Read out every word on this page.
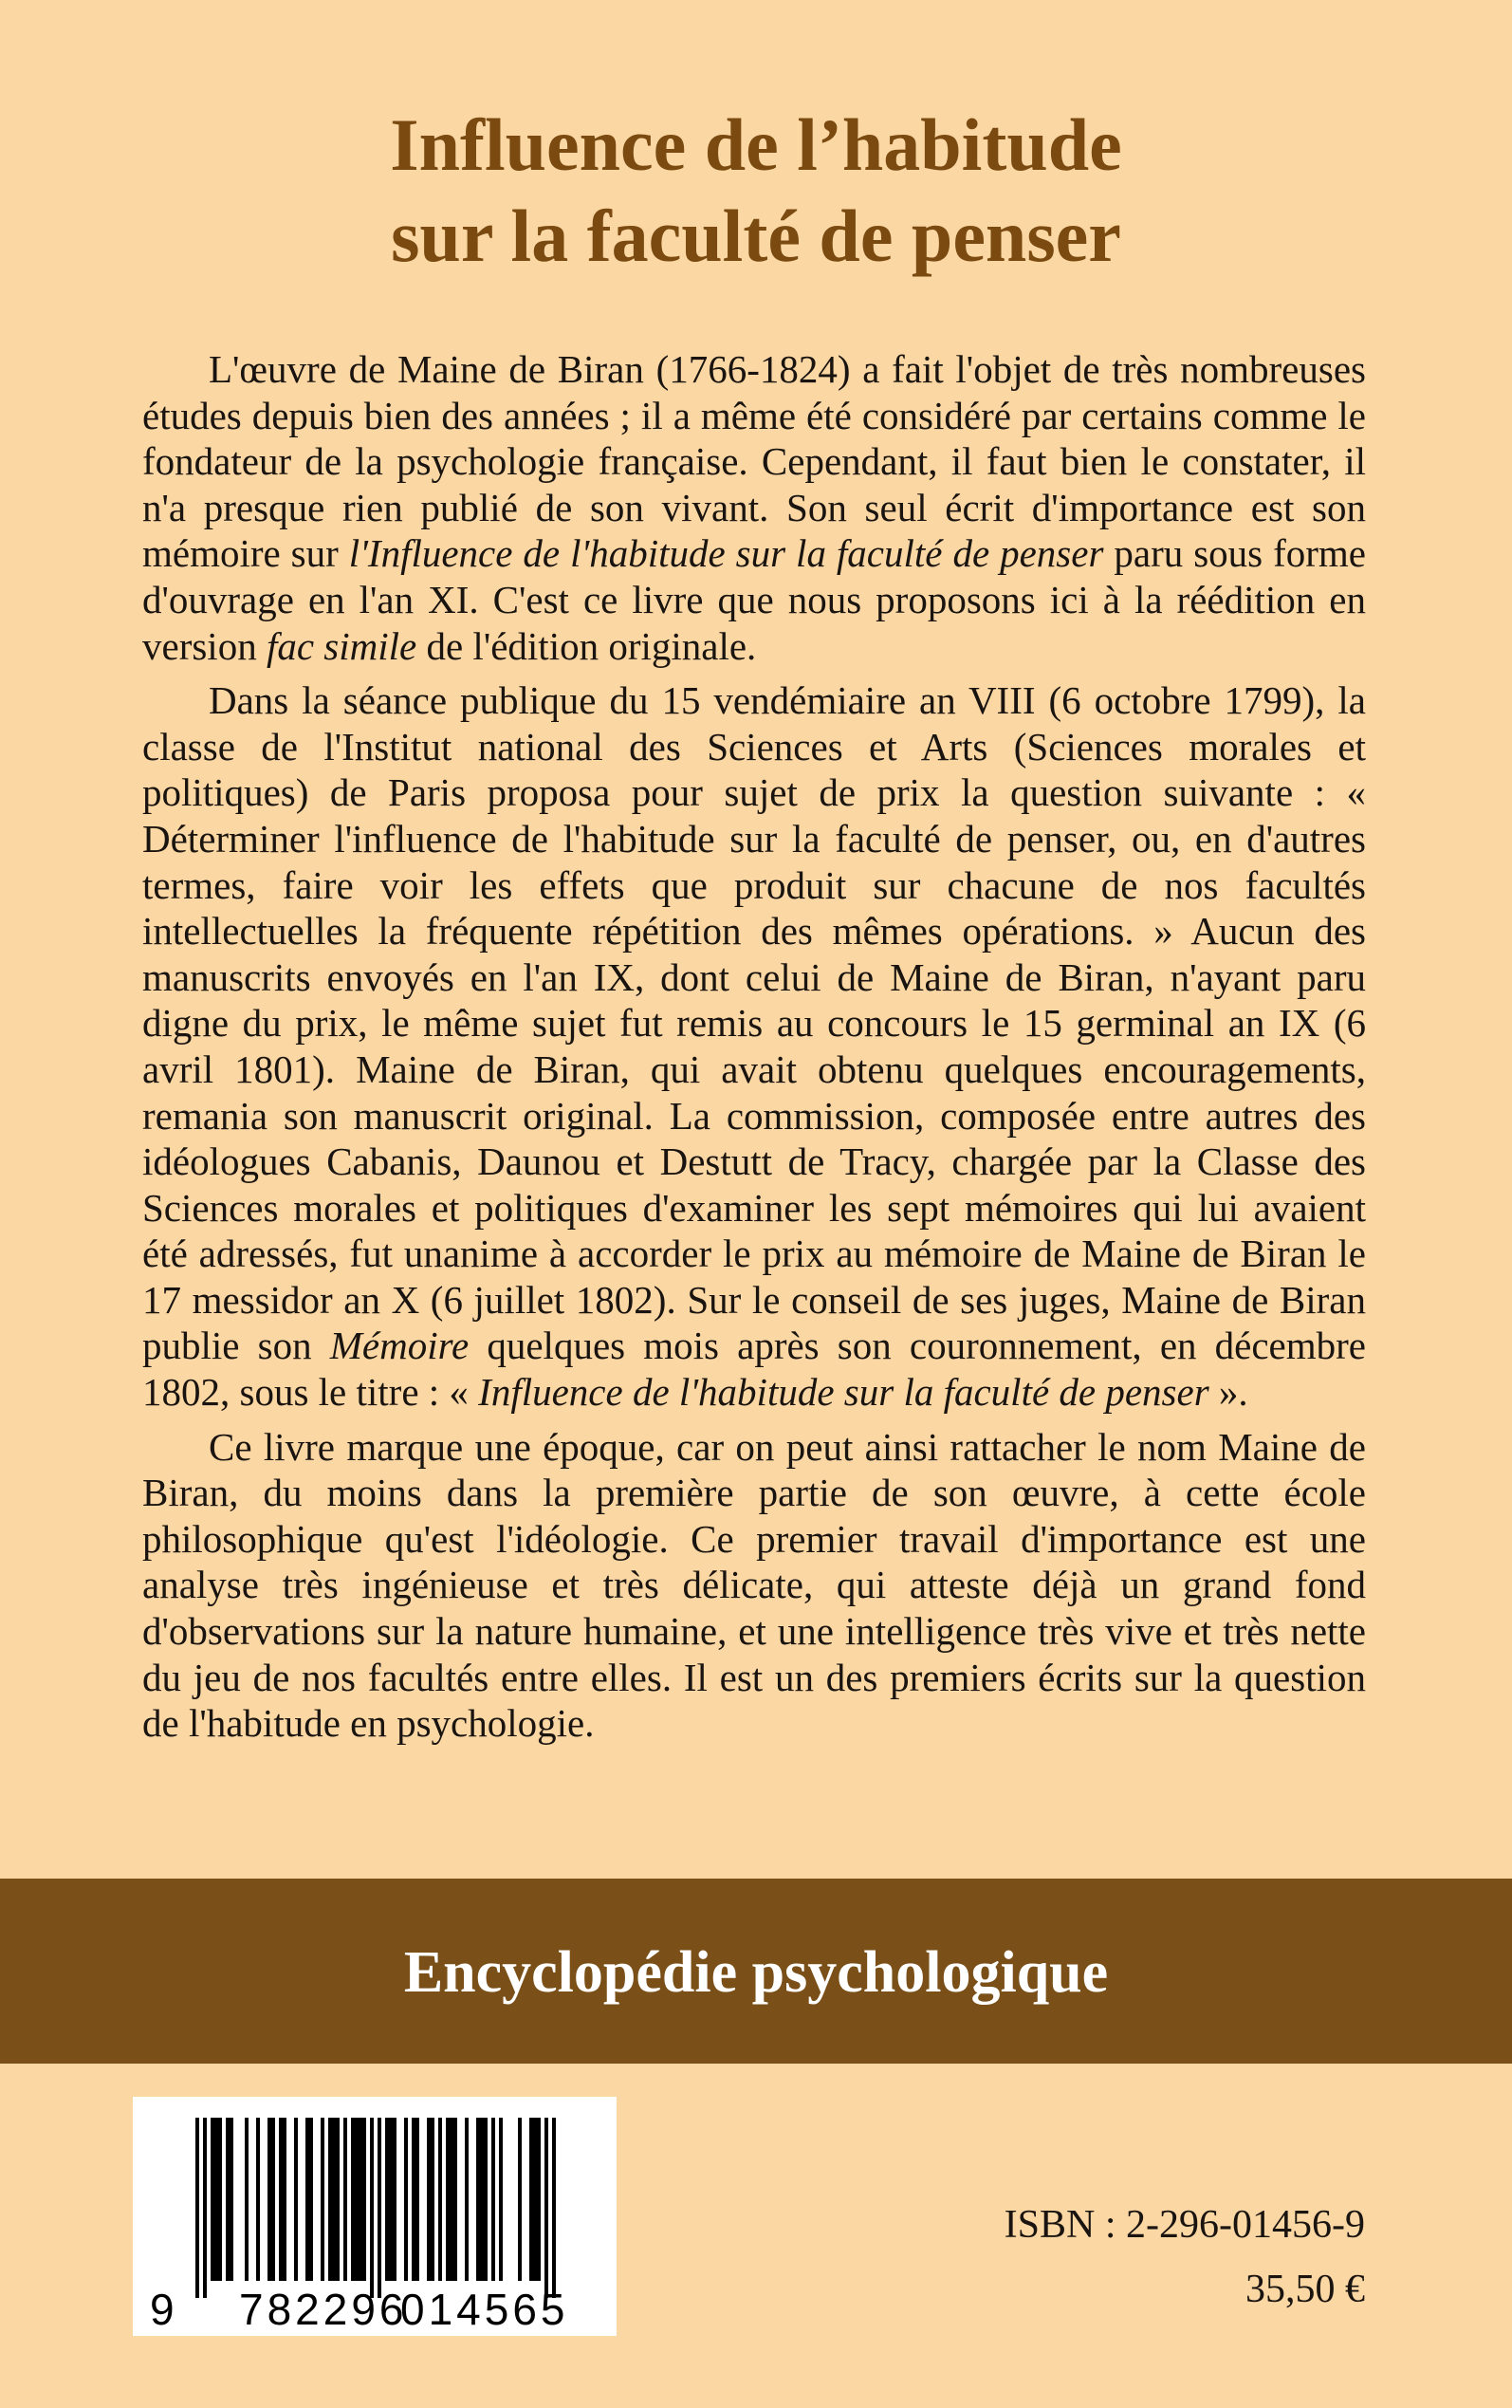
Influence de l’habitude
sur la faculté de penser

L'œuvre de Maine de Biran (1766-1824) a fait l'objet de très nombreuses études depuis bien des années ; il a même été considéré par certains comme le fondateur de la psychologie française. Cependant, il faut bien le constater, il n'a presque rien publié de son vivant. Son seul écrit d'importance est son mémoire sur l'Influence de l'habitude sur la faculté de penser paru sous forme d'ouvrage en l'an XI. C'est ce livre que nous proposons ici à la réédition en version fac simile de l'édition originale.

Dans la séance publique du 15 vendémiaire an VIII (6 octobre 1799), la classe de l'Institut national des Sciences et Arts (Sciences morales et politiques) de Paris proposa pour sujet de prix la question suivante : « Déterminer l'influence de l'habitude sur la faculté de penser, ou, en d'autres termes, faire voir les effets que produit sur chacune de nos facultés intellectuelles la fréquente répétition des mêmes opérations. » Aucun des manuscrits envoyés en l'an IX, dont celui de Maine de Biran, n'ayant paru digne du prix, le même sujet fut remis au concours le 15 germinal an IX (6 avril 1801). Maine de Biran, qui avait obtenu quelques encouragements, remania son manuscrit original. La commission, composée entre autres des idéologues Cabanis, Daunou et Destutt de Tracy, chargée par la Classe des Sciences morales et politiques d'examiner les sept mémoires qui lui avaient été adressés, fut unanime à accorder le prix au mémoire de Maine de Biran le 17 messidor an X (6 juillet 1802). Sur le conseil de ses juges, Maine de Biran publie son Mémoire quelques mois après son couronnement, en décembre 1802, sous le titre : « Influence de l'habitude sur la faculté de penser ».

Ce livre marque une époque, car on peut ainsi rattacher le nom Maine de Biran, du moins dans la première partie de son œuvre, à cette école philosophique qu'est l'idéologie. Ce premier travail d'importance est une analyse très ingénieuse et très délicate, qui atteste déjà un grand fond d'observations sur la nature humaine, et une intelligence très vive et très nette du jeu de nos facultés entre elles. Il est un des premiers écrits sur la question de l'habitude en psychologie.

Encyclopédie psychologique
9 782296
014565
ISBN : 2-296-01456-9
35,50 €
